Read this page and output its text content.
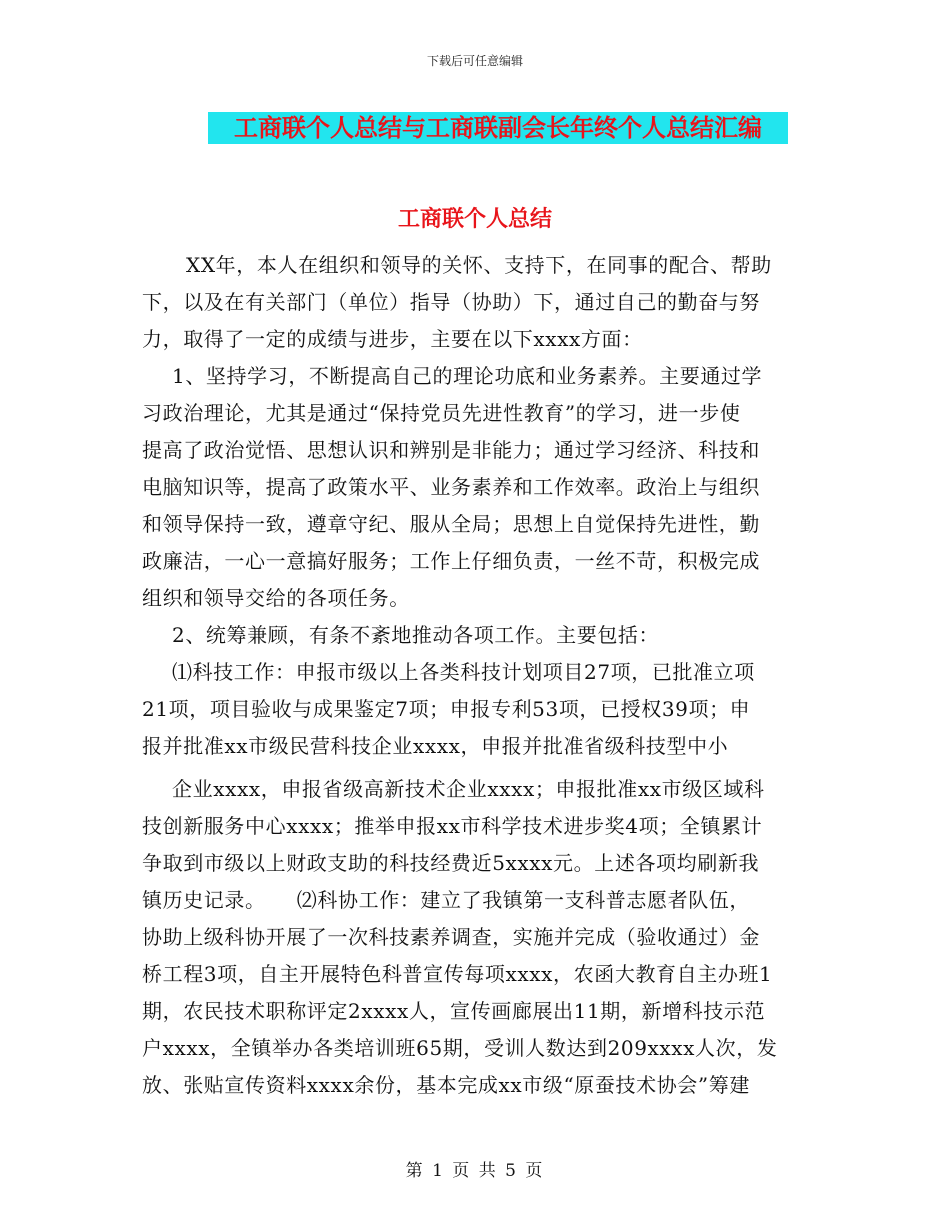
下载后可任意编辑
工商联个人总结与工商联副会长年终个人总结汇编
工商联个人总结
XX年，本人在组织和领导的关怀、支持下，在同事的配合、帮助
下，以及在有关部门（单位）指导（协助）下，通过自己的勤奋与努
力，取得了一定的成绩与进步，主要在以下xxxx方面：
1、坚持学习，不断提高自己的理论功底和业务素养。主要通过学
习政治理论，尤其是通过“保持党员先进性教育”的学习，进一步使
提高了政治觉悟、思想认识和辨别是非能力；通过学习经济、科技和
电脑知识等，提高了政策水平、业务素养和工作效率。政治上与组织
和领导保持一致，遵章守纪、服从全局；思想上自觉保持先进性，勤
政廉洁，一心一意搞好服务；工作上仔细负责，一丝不苛，积极完成
组织和领导交给的各项任务。
2、统筹兼顾，有条不紊地推动各项工作。主要包括：
⑴科技工作：申报市级以上各类科技计划项目27项，已批准立项
21项，项目验收与成果鉴定7项；申报专利53项，已授权39项；申
报并批准xx市级民营科技企业xxxx，申报并批准省级科技型中小
企业xxxx，申报省级高新技术企业xxxx；申报批准xx市级区域科
技创新服务中心xxxx；推举申报xx市科学技术进步奖4项；全镇累计
争取到市级以上财政支助的科技经费近5xxxx元。上述各项均刷新我
镇历史记录。　　⑵科协工作：建立了我镇第一支科普志愿者队伍，
协助上级科协开展了一次科技素养调查，实施并完成（验收通过）金
桥工程3项，自主开展特色科普宣传每项xxxx，农函大教育自主办班1
期，农民技术职称评定2xxxx人，宣传画廊展出11期，新增科技示范
户xxxx，全镇举办各类培训班65期，受训人数达到209xxxx人次，发
放、张贴宣传资料xxxx余份，基本完成xx市级“原蚕技术协会”筹建
第 1 页 共 5 页
